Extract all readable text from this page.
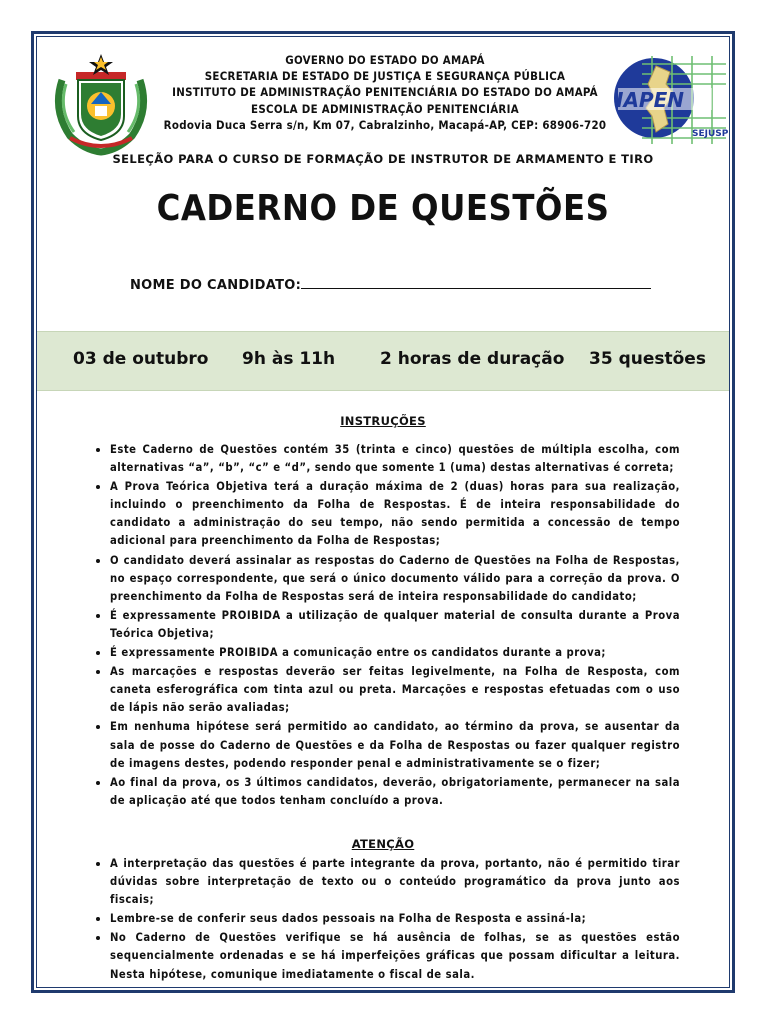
GOVERNO DO ESTADO DO AMAPÁ
SECRETARIA DE ESTADO DE JUSTIÇA E SEGURANÇA PÚBLICA
INSTITUTO DE ADMINISTRAÇÃO PENITENCIÁRIA DO ESTADO DO AMAPÁ
ESCOLA DE ADMINISTRAÇÃO PENITENCIÁRIA
Rodovia Duca Serra s/n, Km 07, Cabralzinho, Macapá-AP, CEP: 68906-720
IAPEN
SEJUSP
SELEÇÃO PARA O CURSO DE FORMAÇÃO DE INSTRUTOR DE ARMAMENTO E TIRO
CADERNO DE QUESTÕES
NOME DO CANDIDATO:
03 de outubro 9h às 11h	2 horas de duração 35 questões
INSTRUÇÕES
• Este Caderno de Questões contém 35 (trinta e cinco) questões de múltipla escolha, com alternativas “a”, “b”, “c” e “d”, sendo que somente 1 (uma) destas alternativas é correta;
• A Prova Teórica Objetiva terá a duração máxima de 2 (duas) horas para sua realização, incluindo o preenchimento da Folha de Respostas. É de inteira responsabilidade do candidato a administração do seu tempo, não sendo permitida a concessão de tempo adicional para preenchimento da Folha de Respostas;
• O candidato deverá assinalar as respostas do Caderno de Questões na Folha de Respostas, no espaço correspondente, que será o único documento válido para a correção da prova. O preenchimento da Folha de Respostas será de inteira responsabilidade do candidato;
• É expressamente PROIBIDA a utilização de qualquer material de consulta durante a Prova Teórica Objetiva;
• É expressamente PROIBIDA a comunicação entre os candidatos durante a prova;
• As marcações e respostas deverão ser feitas legivelmente, na Folha de Resposta, com caneta esferográfica com tinta azul ou preta. Marcações e respostas efetuadas com o uso de lápis não serão avaliadas;
• Em nenhuma hipótese será permitido ao candidato, ao término da prova, se ausentar da sala de posse do Caderno de Questões e da Folha de Respostas ou fazer qualquer registro de imagens destes, podendo responder penal e administrativamente se o fizer;
• Ao final da prova, os 3 últimos candidatos, deverão, obrigatoriamente, permanecer na sala de aplicação até que todos tenham concluído a prova.
ATENÇÃO
• A interpretação das questões é parte integrante da prova, portanto, não é permitido tirar dúvidas sobre interpretação de texto ou o conteúdo programático da prova junto aos fiscais;
• Lembre-se de conferir seus dados pessoais na Folha de Resposta e assiná-la;
• No Caderno de Questões verifique se há ausência de folhas, se as questões estão sequencialmente ordenadas e se há imperfeições gráficas que possam dificultar a leitura. Nesta hipótese, comunique imediatamente o fiscal de sala.
